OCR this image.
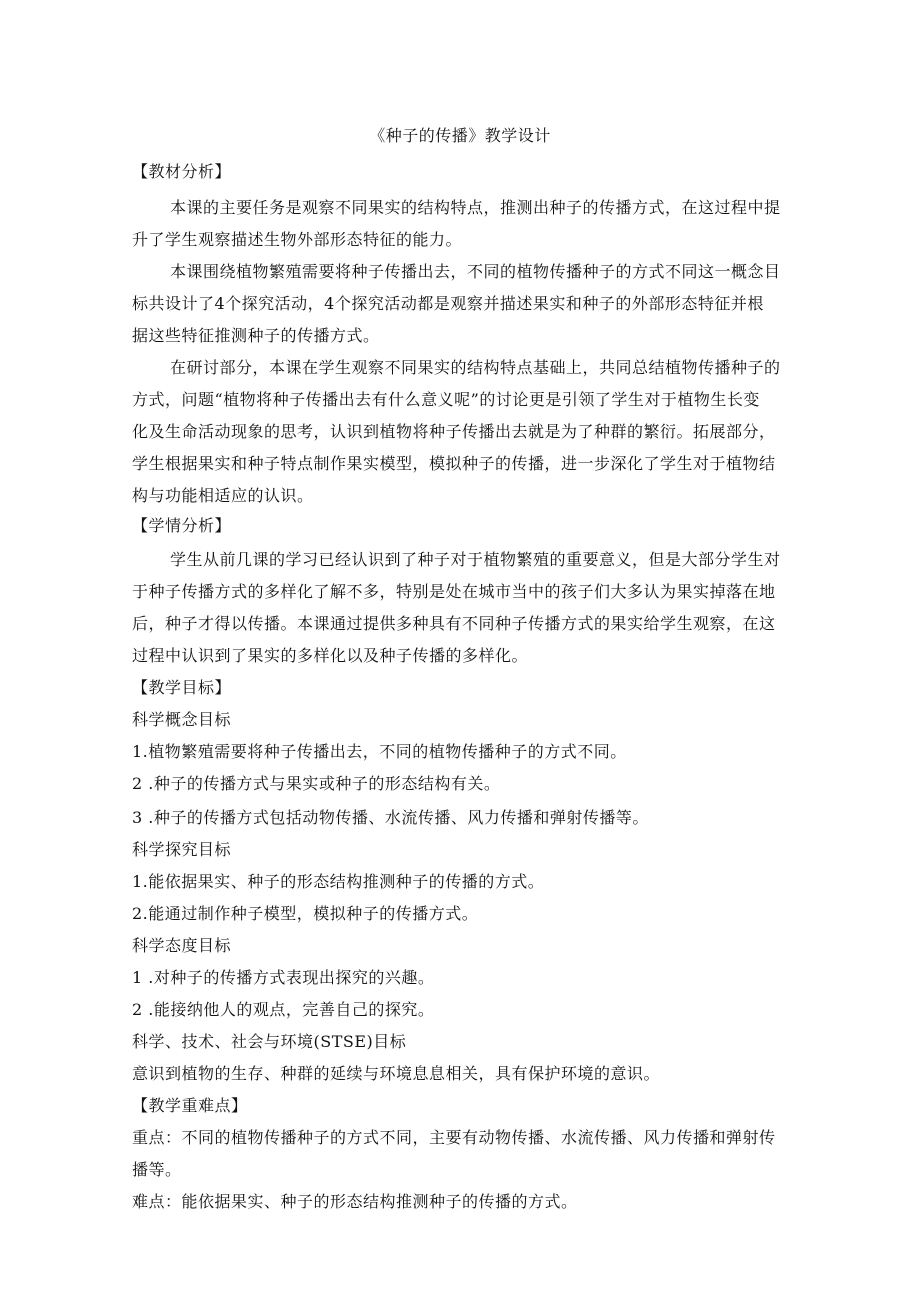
《种子的传播》教学设计
【教材分析】
本课的主要任务是观察不同果实的结构特点，推测出种子的传播方式，在这过程中提
升了学生观察描述生物外部形态特征的能力。
本课围绕植物繁殖需要将种子传播出去，不同的植物传播种子的方式不同这一概念目
标共设计了4个探究活动，4个探究活动都是观察并描述果实和种子的外部形态特征并根
据这些特征推测种子的传播方式。
在研讨部分，本课在学生观察不同果实的结构特点基础上，共同总结植物传播种子的
方式，问题“植物将种子传播出去有什么意义呢”的讨论更是引领了学生对于植物生长变
化及生命活动现象的思考，认识到植物将种子传播出去就是为了种群的繁衍。拓展部分，
学生根据果实和种子特点制作果实模型，模拟种子的传播，进一步深化了学生对于植物结
构与功能相适应的认识。
【学情分析】
学生从前几课的学习已经认识到了种子对于植物繁殖的重要意义，但是大部分学生对
于种子传播方式的多样化了解不多，特别是处在城市当中的孩子们大多认为果实掉落在地
后，种子才得以传播。本课通过提供多种具有不同种子传播方式的果实给学生观察，在这
过程中认识到了果实的多样化以及种子传播的多样化。
【教学目标】
科学概念目标
1.植物繁殖需要将种子传播出去，不同的植物传播种子的方式不同。
2 .种子的传播方式与果实或种子的形态结构有关。
3 .种子的传播方式包括动物传播、水流传播、风力传播和弹射传播等。
科学探究目标
1.能依据果实、种子的形态结构推测种子的传播的方式。
2.能通过制作种子模型，模拟种子的传播方式。
科学态度目标
1 .对种子的传播方式表现出探究的兴趣。
2 .能接纳他人的观点，完善自己的探究。
科学、技术、社会与环境(STSE)目标
意识到植物的生存、种群的延续与环境息息相关，具有保护环境的意识。
【教学重难点】
重点：不同的植物传播种子的方式不同，主要有动物传播、水流传播、风力传播和弹射传
播等。
难点：能依据果实、种子的形态结构推测种子的传播的方式。
